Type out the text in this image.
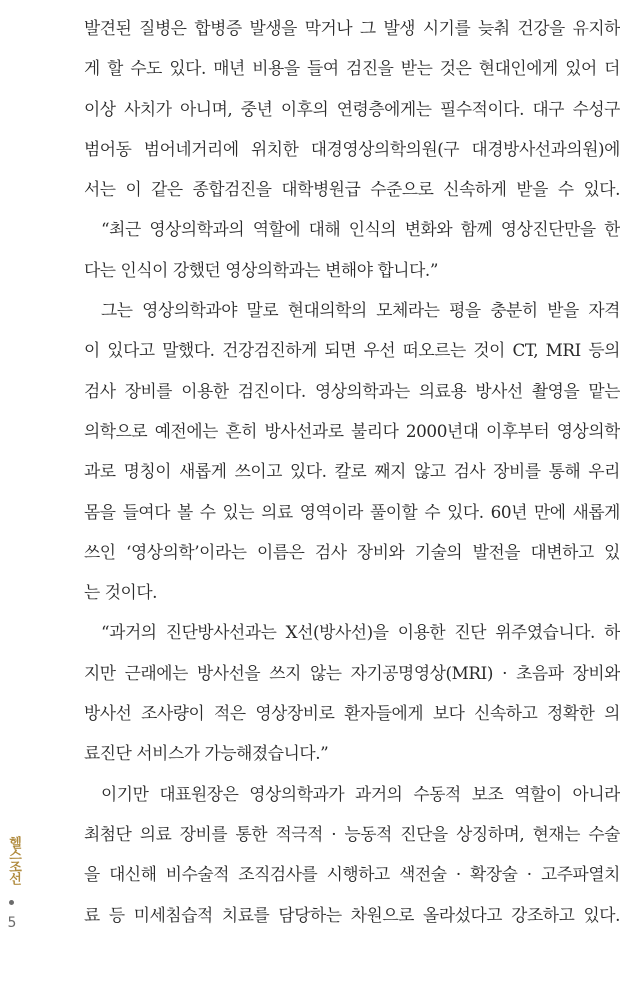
발견된 질병은 합병증 발생을 막거나 그 발생 시기를 늦춰 건강을 유지하
게 할 수도 있다. 매년 비용을 들여 검진을 받는 것은 현대인에게 있어 더
이상 사치가 아니며, 중년 이후의 연령층에게는 필수적이다. 대구 수성구
범어동 범어네거리에 위치한 대경영상의학의원(구 대경방사선과의원)에
서는 이 같은 종합검진을 대학병원급 수준으로 신속하게 받을 수 있다.
“최근 영상의학과의 역할에 대해 인식의 변화와 함께 영상진단만을 한
다는 인식이 강했던 영상의학과는 변해야 합니다.”
그는 영상의학과야 말로 현대의학의 모체라는 평을 충분히 받을 자격
이 있다고 말했다. 건강검진하게 되면 우선 떠오르는 것이 CT, MRI 등의
검사 장비를 이용한 검진이다. 영상의학과는 의료용 방사선 촬영을 맡는
의학으로 예전에는 흔히 방사선과로 불리다 2000년대 이후부터 영상의학
과로 명칭이 새롭게 쓰이고 있다. 칼로 째지 않고 검사 장비를 통해 우리
몸을 들여다 볼 수 있는 의료 영역이라 풀이할 수 있다. 60년 만에 새롭게
쓰인 ‘영상의학’이라는 이름은 검사 장비와 기술의 발전을 대변하고 있
는 것이다.
“과거의 진단방사선과는 X선(방사선)을 이용한 진단 위주였습니다. 하
지만 근래에는 방사선을 쓰지 않는 자기공명영상(MRI) · 초음파 장비와
방사선 조사량이 적은 영상장비로 환자들에게 보다 신속하고 정확한 의
료진단 서비스가 가능해졌습니다.”
이기만 대표원장은 영상의학과가 과거의 수동적 보조 역할이 아니라
최첨단 의료 장비를 통한 적극적 · 능동적 진단을 상징하며, 현재는 수술
을 대신해 비수술적 조직검사를 시행하고 색전술 · 확장술 · 고주파열치
료 등 미세침습적 치료를 담당하는 차원으로 올라섰다고 강조하고 있다.
헬스조선
5
